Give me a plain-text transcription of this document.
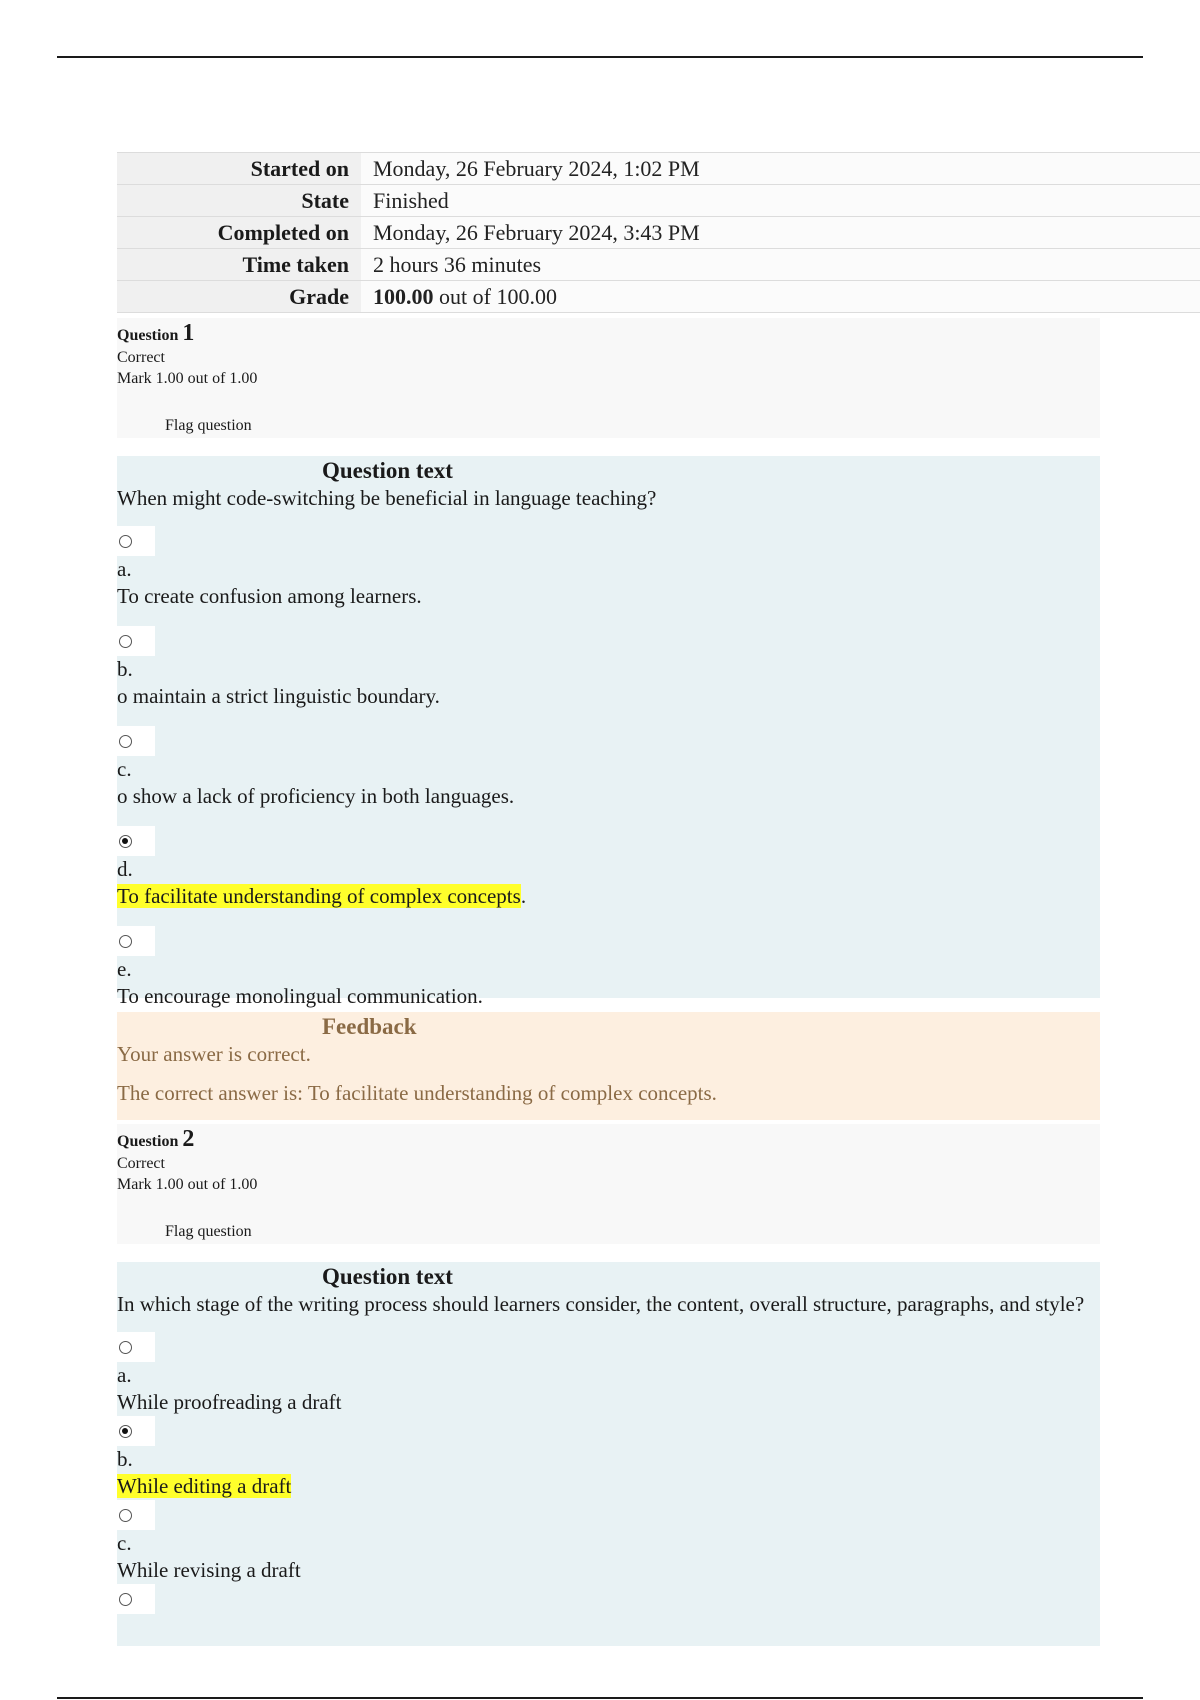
Started on	Monday, 26 February 2024, 1:02 PM
State	Finished
Completed on	Monday, 26 February 2024, 3:43 PM
Time taken	2 hours 36 minutes
Grade	100.00 out of 100.00
Question 1
Correct
Mark 1.00 out of 1.00
Flag question
Question text
When might code-switching be beneficial in language teaching?
a.
To create confusion among learners.
b.
o maintain a strict linguistic boundary.
c.
o show a lack of proficiency in both languages.
d.
To facilitate understanding of complex concepts.
e.
To encourage monolingual communication.
Feedback

Your answer is correct.

The correct answer is: To facilitate understanding of complex concepts.

Question 2
Correct
Mark 1.00 out of 1.00
Flag question
Question text
In which stage of the writing process should learners consider, the content, overall structure, paragraphs, and style?
a.
While proofreading a draft
b.
While editing a draft
c.
While revising a draft
